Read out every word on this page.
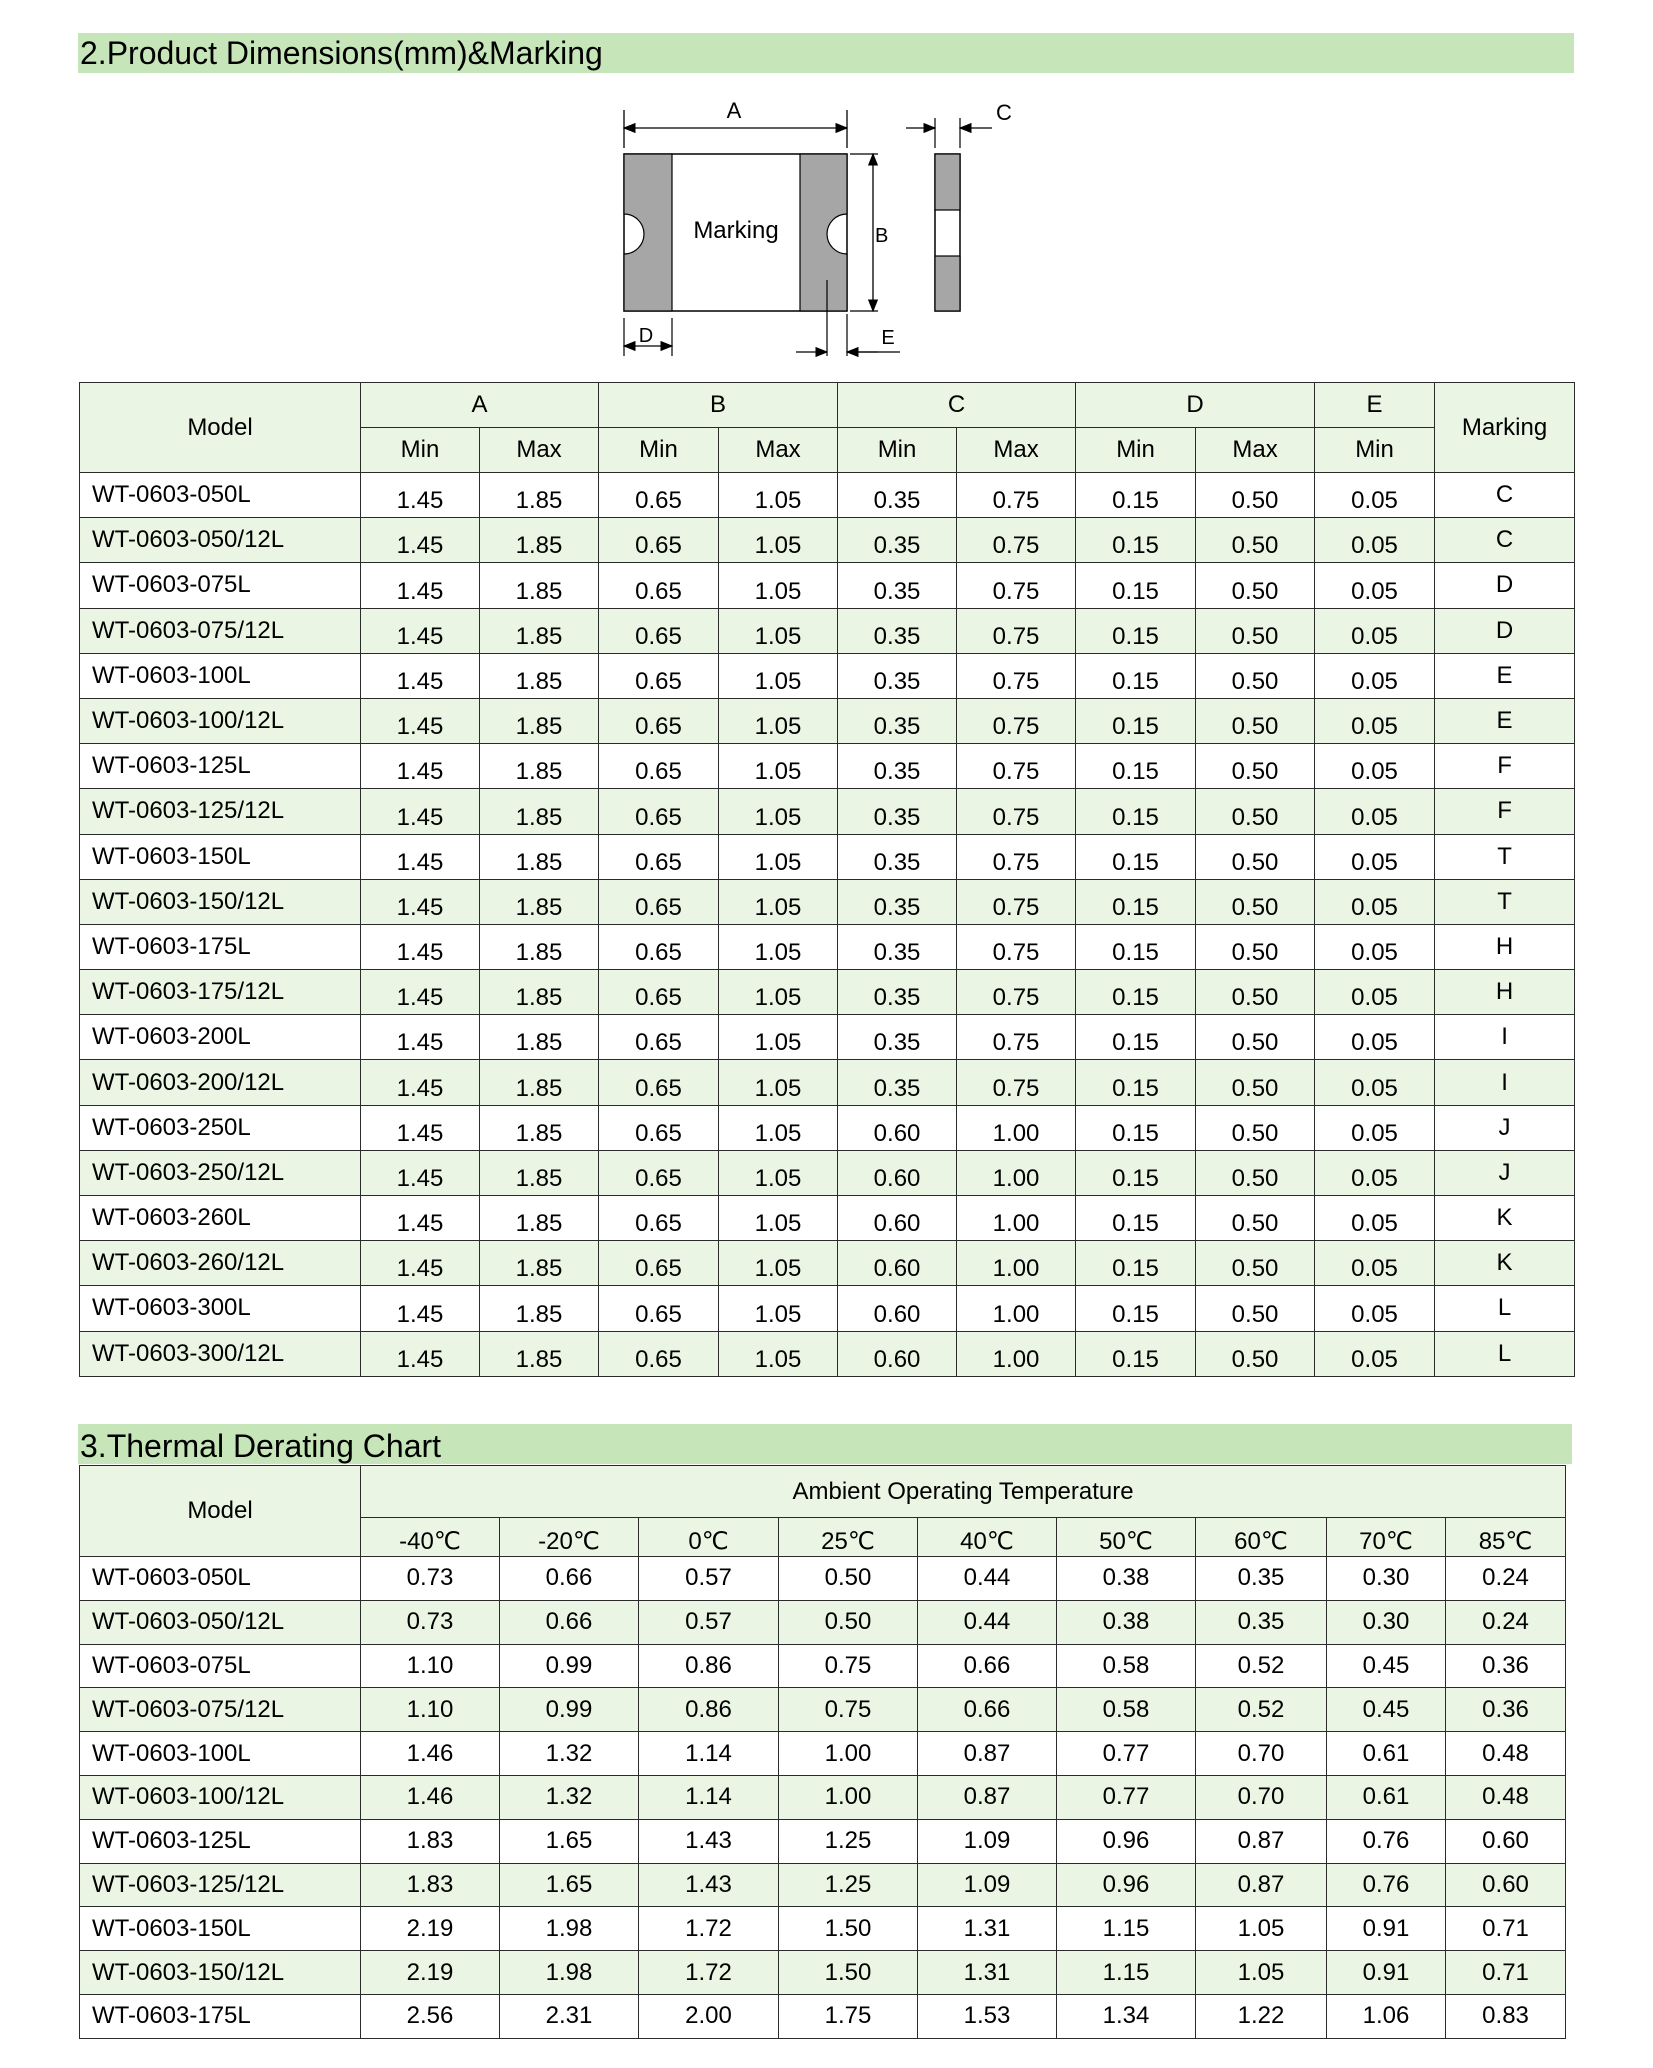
2.Product Dimensions(mm)&Marking
A
Marking	B
D	E
C
Model	A		B		C		D		E	Marking
	Min	Max	Min	Max	Min	Max	Min	Max	Min	
WT-0603-050L	1.45	1.85	0.65	1.05	0.35	0.75	0.15	0.50	0.05	C
WT-0603-050/12L	1.45	1.85	0.65	1.05	0.35	0.75	0.15	0.50	0.05	C
WT-0603-075L	1.45	1.85	0.65	1.05	0.35	0.75	0.15	0.50	0.05	D
WT-0603-075/12L	1.45	1.85	0.65	1.05	0.35	0.75	0.15	0.50	0.05	D
WT-0603-100L	1.45	1.85	0.65	1.05	0.35	0.75	0.15	0.50	0.05	E
WT-0603-100/12L	1.45	1.85	0.65	1.05	0.35	0.75	0.15	0.50	0.05	E
WT-0603-125L	1.45	1.85	0.65	1.05	0.35	0.75	0.15	0.50	0.05	F
WT-0603-125/12L	1.45	1.85	0.65	1.05	0.35	0.75	0.15	0.50	0.05	F
WT-0603-150L	1.45	1.85	0.65	1.05	0.35	0.75	0.15	0.50	0.05	T
WT-0603-150/12L	1.45	1.85	0.65	1.05	0.35	0.75	0.15	0.50	0.05	T
WT-0603-175L	1.45	1.85	0.65	1.05	0.35	0.75	0.15	0.50	0.05	H
WT-0603-175/12L	1.45	1.85	0.65	1.05	0.35	0.75	0.15	0.50	0.05	H
WT-0603-200L	1.45	1.85	0.65	1.05	0.35	0.75	0.15	0.50	0.05	I
WT-0603-200/12L	1.45	1.85	0.65	1.05	0.35	0.75	0.15	0.50	0.05	I
WT-0603-250L	1.45	1.85	0.65	1.05	0.60	1.00	0.15	0.50	0.05	J
WT-0603-250/12L	1.45	1.85	0.65	1.05	0.60	1.00	0.15	0.50	0.05	J
WT-0603-260L	1.45	1.85	0.65	1.05	0.60	1.00	0.15	0.50	0.05	K
WT-0603-260/12L	1.45	1.85	0.65	1.05	0.60	1.00	0.15	0.50	0.05	K
WT-0603-300L	1.45	1.85	0.65	1.05	0.60	1.00	0.15	0.50	0.05	L
WT-0603-300/12L	1.45	1.85	0.65	1.05	0.60	1.00	0.15	0.50	0.05	L
3.Thermal Derating Chart
Model	Ambient Operating Temperature								
	-40℃	-20℃	0℃	25℃	40℃	50℃	60℃	70℃	85℃
WT-0603-050L	0.73	0.66	0.57	0.50	0.44	0.38	0.35	0.30	0.24
WT-0603-050/12L	0.73	0.66	0.57	0.50	0.44	0.38	0.35	0.30	0.24
WT-0603-075L	1.10	0.99	0.86	0.75	0.66	0.58	0.52	0.45	0.36
WT-0603-075/12L	1.10	0.99	0.86	0.75	0.66	0.58	0.52	0.45	0.36
WT-0603-100L	1.46	1.32	1.14	1.00	0.87	0.77	0.70	0.61	0.48
WT-0603-100/12L	1.46	1.32	1.14	1.00	0.87	0.77	0.70	0.61	0.48
WT-0603-125L	1.83	1.65	1.43	1.25	1.09	0.96	0.87	0.76	0.60
WT-0603-125/12L	1.83	1.65	1.43	1.25	1.09	0.96	0.87	0.76	0.60
WT-0603-150L	2.19	1.98	1.72	1.50	1.31	1.15	1.05	0.91	0.71
WT-0603-150/12L	2.19	1.98	1.72	1.50	1.31	1.15	1.05	0.91	0.71
WT-0603-175L	2.56	2.31	2.00	1.75	1.53	1.34	1.22	1.06	0.83
